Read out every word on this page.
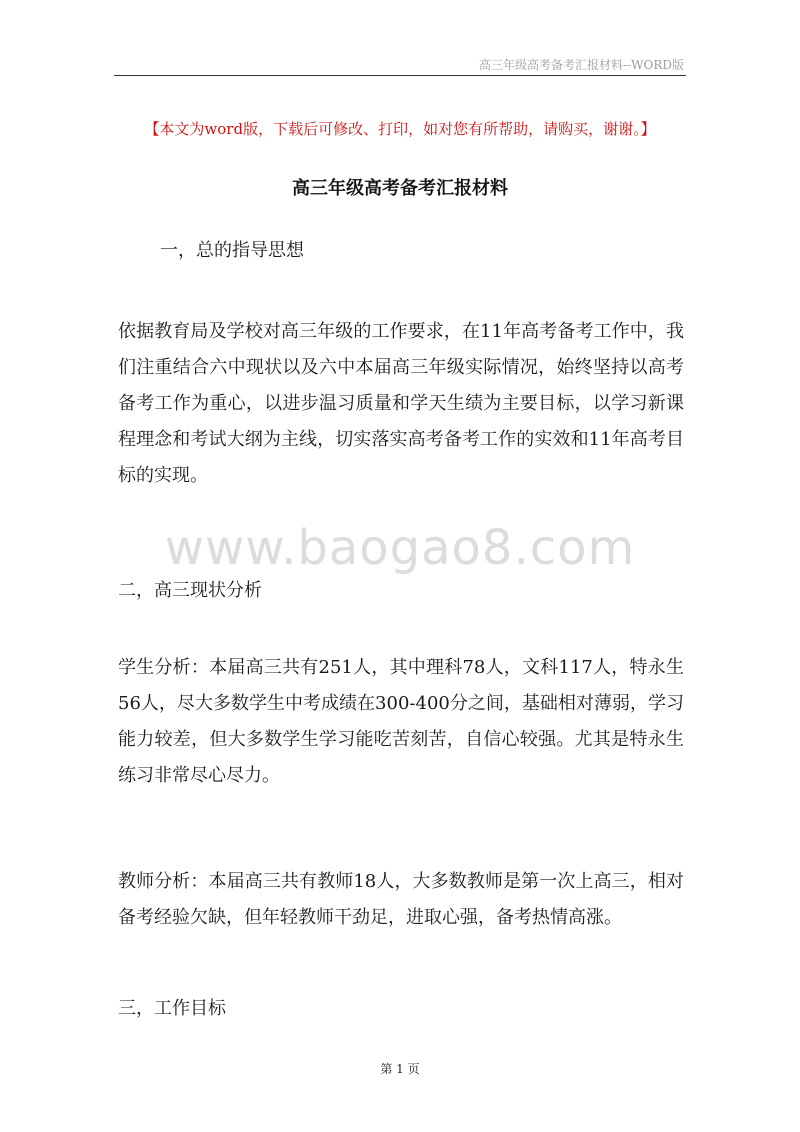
高三年级高考备考汇报材料--WORD版
【本文为word版，下载后可修改、打印，如对您有所帮助，请购买，谢谢。】
高三年级高考备考汇报材料
一，总的指导思想
依据教育局及学校对高三年级的工作要求，在11年高考备考工作中，我们注重结合六中现状以及六中本届高三年级实际情况，始终坚持以高考备考工作为重心，以进步温习质量和学天生绩为主要目标，以学习新课程理念和考试大纲为主线，切实落实高考备考工作的实效和11年高考目标的实现。
www.baogao8.com
二，高三现状分析
学生分析：本届高三共有251人，其中理科78人，文科117人，特永生56人，尽大多数学生中考成绩在300-400分之间，基础相对薄弱，学习能力较差，但大多数学生学习能吃苦刻苦，自信心较强。尤其是特永生练习非常尽心尽力。
教师分析：本届高三共有教师18人，大多数教师是第一次上高三，相对备考经验欠缺，但年轻教师干劲足，进取心强，备考热情高涨。
三，工作目标
第 1 页
